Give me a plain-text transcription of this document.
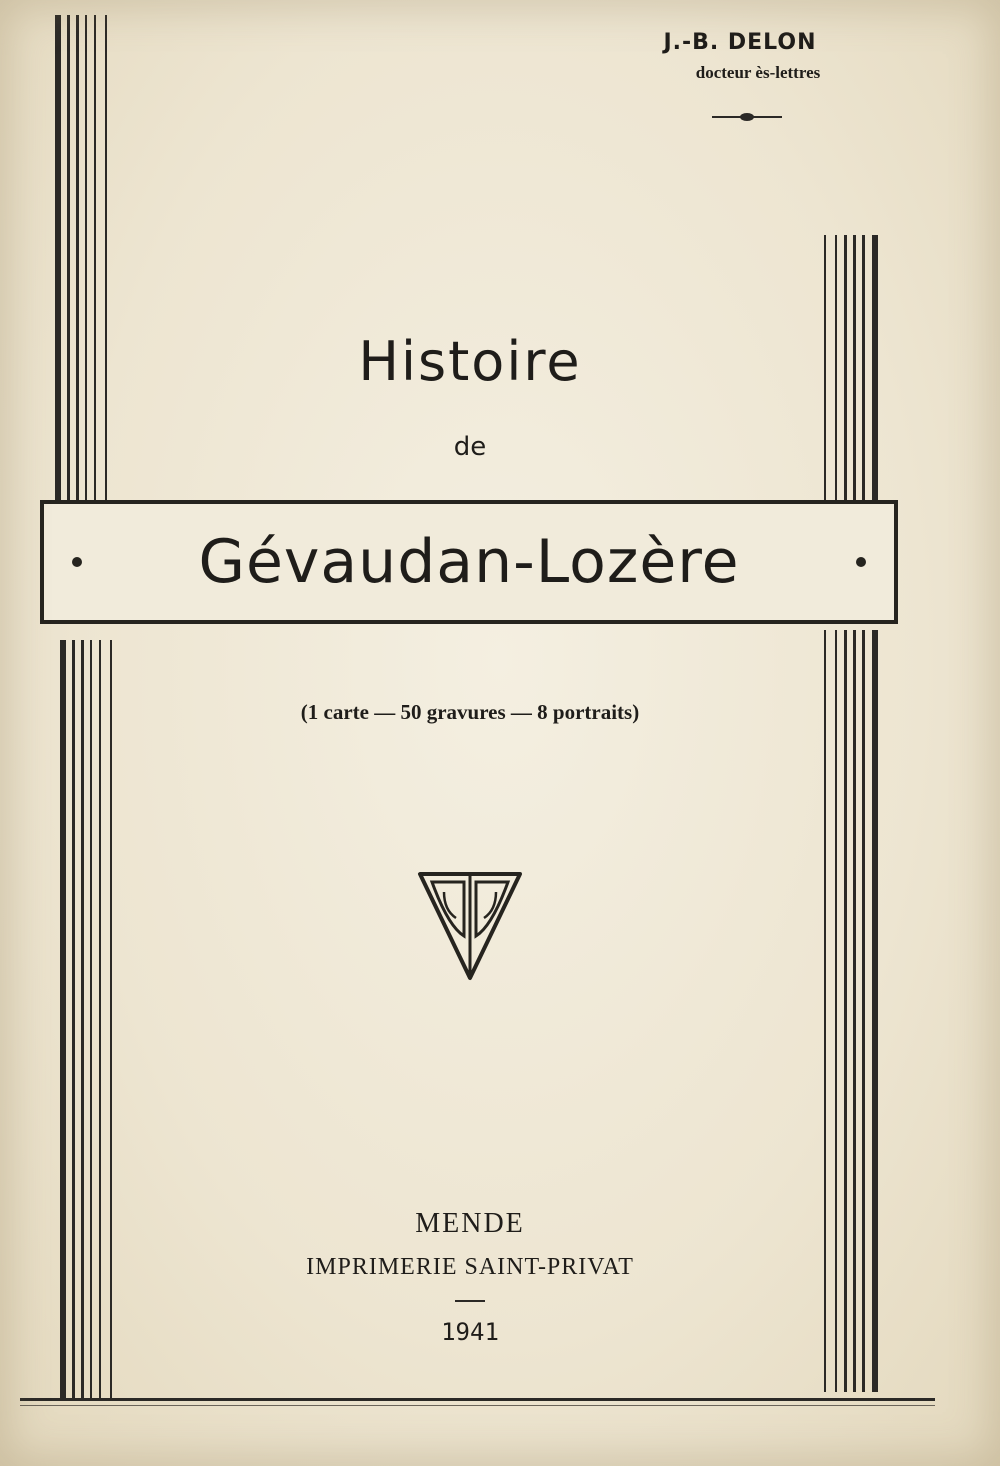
J.-B. DELON
docteur ès-lettres
Histoire
de
Gévaudan-Lozère
(1 carte — 50 gravures — 8 portraits)
MENDE
IMPRIMERIE SAINT-PRIVAT
1941
